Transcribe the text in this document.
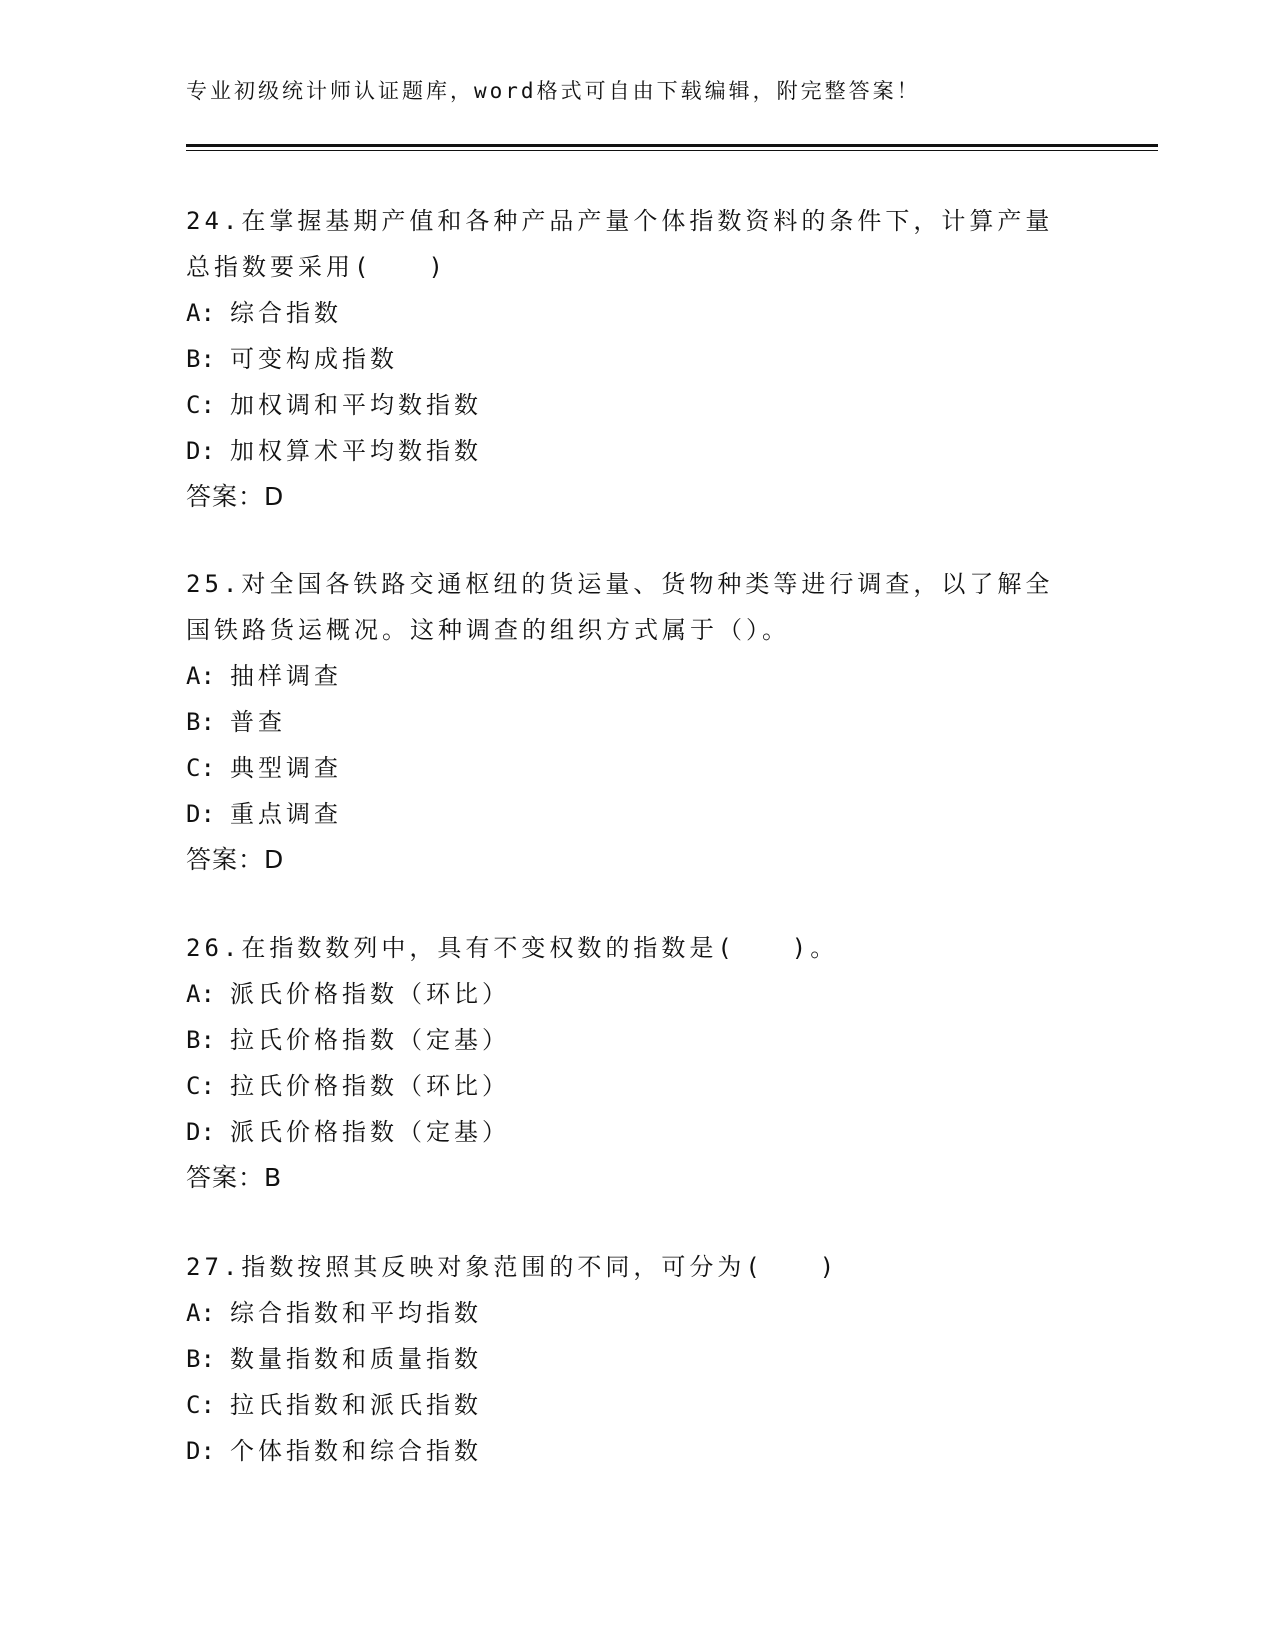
专业初级统计师认证题库，word格式可自由下载编辑，附完整答案！
24.在掌握基期产值和各种产品产量个体指数资料的条件下，计算产量
总指数要采用(　　)
A: 综合指数
B: 可变构成指数
C: 加权调和平均数指数
D: 加权算术平均数指数
答案：D
25.对全国各铁路交通枢纽的货运量、货物种类等进行调查，以了解全
国铁路货运概况。这种调查的组织方式属于（）。
A: 抽样调查
B: 普查
C: 典型调查
D: 重点调查
答案：D
26.在指数数列中，具有不变权数的指数是(　　)。
A: 派氏价格指数（环比）
B: 拉氏价格指数（定基）
C: 拉氏价格指数（环比）
D: 派氏价格指数（定基）
答案：B
27.指数按照其反映对象范围的不同，可分为(　　)
A: 综合指数和平均指数
B: 数量指数和质量指数
C: 拉氏指数和派氏指数
D: 个体指数和综合指数
